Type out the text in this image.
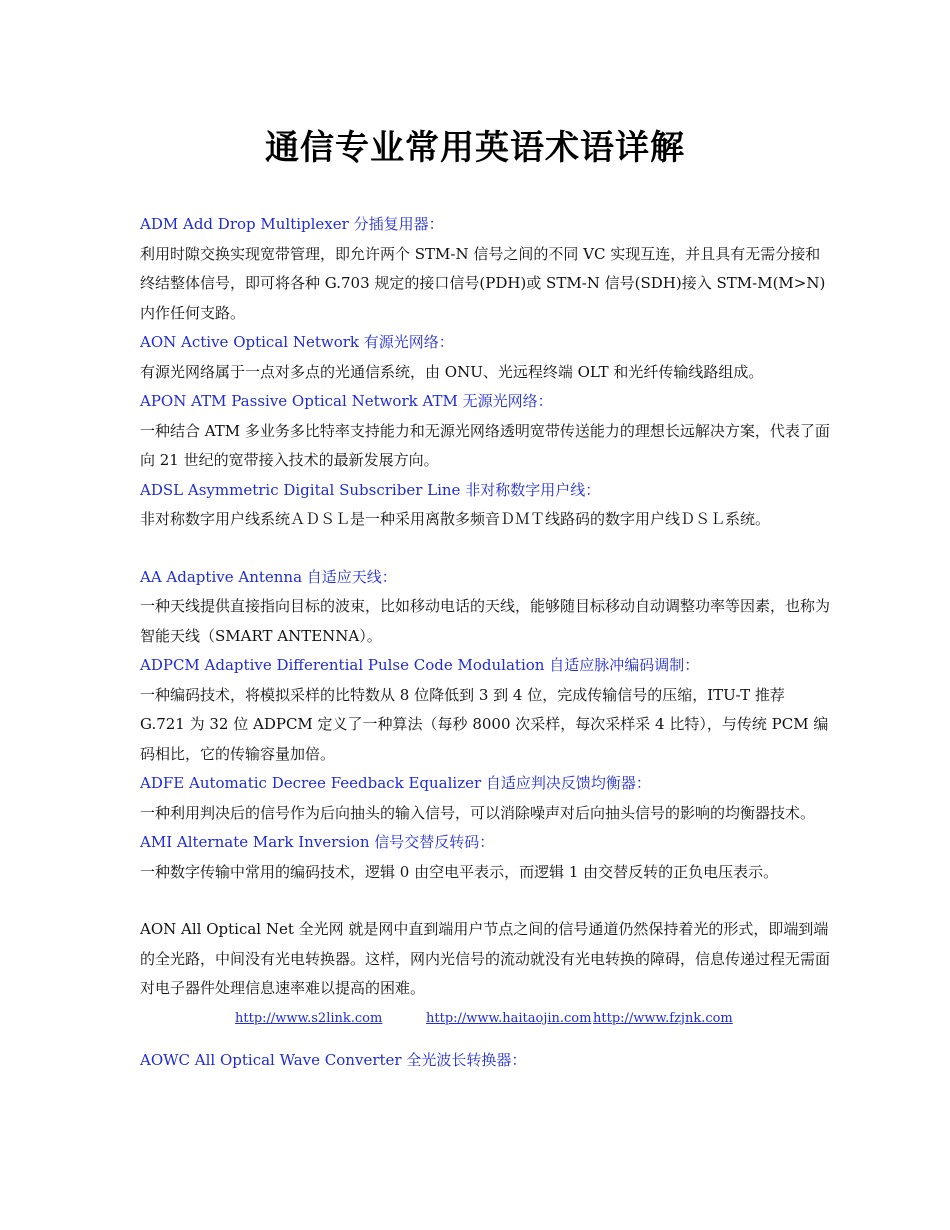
通信专业常用英语术语详解

ADM Add Drop Multiplexer 分插复用器：

利用时隙交换实现宽带管理，即允许两个 STM-N 信号之间的不同 VC 实现互连，并且具有无需分接和终结整体信号，即可将各种 G.703 规定的接口信号(PDH)或 STM-N 信号(SDH)接入 STM-M(M>N)内作任何支路。

AON Active Optical Network 有源光网络：

有源光网络属于一点对多点的光通信系统，由 ONU、光远程终端 OLT 和光纤传输线路组成。

APON ATM Passive Optical Network ATM 无源光网络：

一种结合 ATM 多业务多比特率支持能力和无源光网络透明宽带传送能力的理想长远解决方案，代表了面向 21 世纪的宽带接入技术的最新发展方向。

ADSL Asymmetric Digital Subscriber Line 非对称数字用户线：

非对称数字用户线系统ＡＤＳＬ是一种采用离散多频音ＤＭＴ线路码的数字用户线ＤＳＬ系统。

AA Adaptive Antenna 自适应天线：

一种天线提供直接指向目标的波束，比如移动电话的天线，能够随目标移动自动调整功率等因素，也称为智能天线（SMART ANTENNA）。

ADPCM Adaptive Differential Pulse Code Modulation 自适应脉冲编码调制：

一种编码技术，将模拟采样的比特数从 8 位降低到 3 到 4 位，完成传输信号的压缩，ITU-T 推荐 G.721 为 32 位 ADPCM 定义了一种算法（每秒 8000 次采样，每次采样采 4 比特），与传统 PCM 编码相比，它的传输容量加倍。

ADFE Automatic Decree Feedback Equalizer 自适应判决反馈均衡器：

一种利用判决后的信号作为后向抽头的输入信号，可以消除噪声对后向抽头信号的影响的均衡器技术。

AMI Alternate Mark Inversion 信号交替反转码：

一种数字传输中常用的编码技术，逻辑 0 由空电平表示，而逻辑 1 由交替反转的正负电压表示。

AON All Optical Net 全光网 就是网中直到端用户节点之间的信号通道仍然保持着光的形式，即端到端的全光路，中间没有光电转换器。这样，网内光信号的流动就没有光电转换的障碍，信息传递过程无需面对电子器件处理信息速率难以提高的困难。

http://www.s2link.com	http://www.haitaojin.com http://www.fzjnk.com

AOWC All Optical Wave Converter 全光波长转换器：
